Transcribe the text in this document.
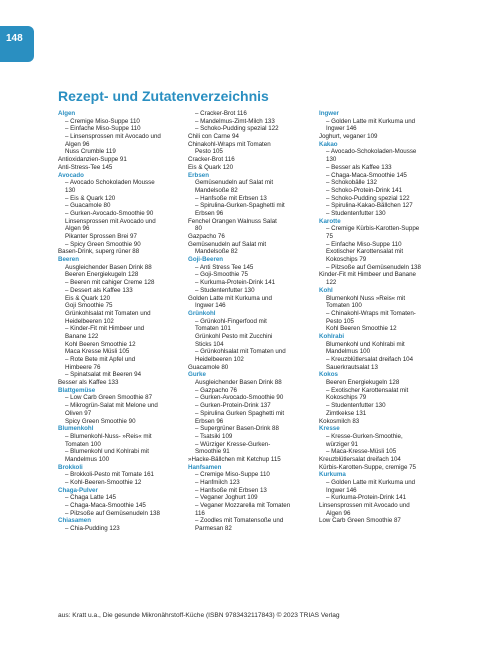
148
Rezept- und Zutatenverzeichnis
Algen
– Cremige Miso-Suppe 110
– Einfache Miso-Suppe 110
– Linsensprossen mit Avocado und
Algen 96
Nuss Crumble 119
Antioxidanzien-Suppe 91
Anti-Stress-Tee 145
Avocado
– Avocado Schokoladen Mousse
130
– Eis & Quark 120
– Guacamole 80
– Gurken-Avocado-Smoothie 90
Linsensprossen mit Avocado und
Algen 96
Pikanter Sprossen Brei 97
– Spicy Green Smoothie 90
Basen-Drink, superg rüner 88
Beeren
Ausgleichender Basen Drink 88
Beeren Energiekugeln 128
– Beeren mit cahiger Creme 128
– Dessert als Kaffee 133
Eis & Quark 120
Goji Smoothie 75
Grünkohlsalat mit Tomaten und
Heidelbeeren 102
– Kinder-Fit mit Himbeer und
Banane 122
Kohl Beeren Smoothie 12
Maca Kresse Müsli 105
– Rote Bete mit Apfel und
Himbeere 76
– Spinatsalat mit Beeren 94
Besser als Kaffee 133
Blattgemüse
– Low Carb Green Smoothie 87
– Mikrogrün-Salat mit Melone und
Oliven 97
Spicy Green Smoothie 90
Blumenkohl
– Blumenkohl-Nuss- »Reis« mit
Tomaten 100
– Blumenkohl und Kohlrabi mit
Mandelmus 100
Brokkoli
– Brokkoli-Pesto mit Tomate 161
– Kohl-Beeren-Smoothie 12
Chaga-Pulver
– Chaga Latte 145
– Chaga-Maca-Smoothie 145
– Pilzsoße auf Gemüsenudeln 138
Chiasamen
– Chia-Pudding 123
– Cracker-Brot 116
– Mandelmus-Zimt-Milch 133
– Schoko-Pudding spezial 122
Chili con Carne 94
Chinakohl-Wraps mit Tomaten
Pesto 105
Cracker-Brot 116
Eis & Quark 120
Erbsen
Gemüsenudeln auf Salat mit
Mandelsoße 82
– Hanfsoße mit Erbsen 13
– Spirulina-Gurken-Spaghetti mit
Erbsen 96
Fenchel Orangen Walnuss Salat
80
Gazpacho 76
Gemüsenudeln auf Salat mit
Mandelsoße 82
Goji-Beeren
– Anti Stress Tee 145
– Goji-Smoothie 75
– Kurkuma-Protein-Drink 141
– Studentenfutter 130
Golden Latte mit Kurkuma und
Ingwer 146
Grünkohl
– Grünkohl-Fingerfood mit
Tomaten 101
Grünkohl Pesto mit Zucchini
Sticks 104
– Grünkohlsalat mit Tomaten und
Heidelbeeren 102
Guacamole 80
Gurke
Ausgleichender Basen Drink 88
– Gazpacho 76
– Gurken-Avocado-Smoothie 90
– Gurken-Protein-Drink 137
– Spirulina Gurken Spaghetti mit
Erbsen 96
– Supergrüner Basen-Drink 88
– Tsatsiki 109
– Würziger Kresse-Gurken-
Smoothie 91
»Hacke-Bällchen mit Ketchup 115
Hanfsamen
– Cremige Miso-Suppe 110
– Hanfmilch 123
– Hanfsoße mit Erbsen 13
– Veganer Joghurt 109
– Veganer Mozzarella mit Tomaten
116
– Zoodles mit Tomatensoße und
Parmesan 82
Ingwer
– Golden Latte mit Kurkuma und
Ingwer 146
Joghurt, veganer 109
Kakao
– Avocado-Schokoladen-Mousse
130
– Besser als Kaffee 133
– Chaga-Maca-Smoothie 145
– Schokobälle 132
– Schoko-Protein-Drink 141
– Schoko-Pudding spezial 122
– Spirulina-Kakao-Bällchen 127
– Studentenfutter 130
Karotte
– Cremige Kürbis-Karotten-Suppe
75
– Einfache Miso-Suppe 110
Exotischer Karottensalat mit
Kokoschips 79
– Pilzsoße auf Gemüsenudeln 138
Kinder-Fit mit Himbeer und Banane
122
Kohl
Blumenkohl Nuss »Reis« mit
Tomaten 100
– Chinakohl-Wraps mit Tomaten-
Pesto 105
Kohl Beeren Smoothie 12
Kohlrabi
Blumenkohl und Kohlrabi mit
Mandelmus 100
– Kreuzblütlersalat dreifach 104
Sauerkrautsalat 13
Kokos
Beeren Energiekugeln 128
– Exotischer Karottensalat mit
Kokoschips 79
– Studentenfutter 130
Zimtkekse 131
Kokosmilch 83
Kresse
– Kresse-Gurken-Smoothie,
würziger 91
– Maca-Kresse-Müsli 105
Kreuzblütlersalat dreifach 104
Kürbis-Karotten-Suppe, cremige 75
Kurkuma
– Golden Latte mit Kurkuma und
Ingwer 146
– Kurkuma-Protein-Drink 141
Linsensprossen mit Avocado und
Algen 96
Low Carb Green Smoothie 87
aus: Kratt u.a., Die gesunde Mikronährstoff-Küche (ISBN 9783432117843) © 2023 TRIAS Verlag
